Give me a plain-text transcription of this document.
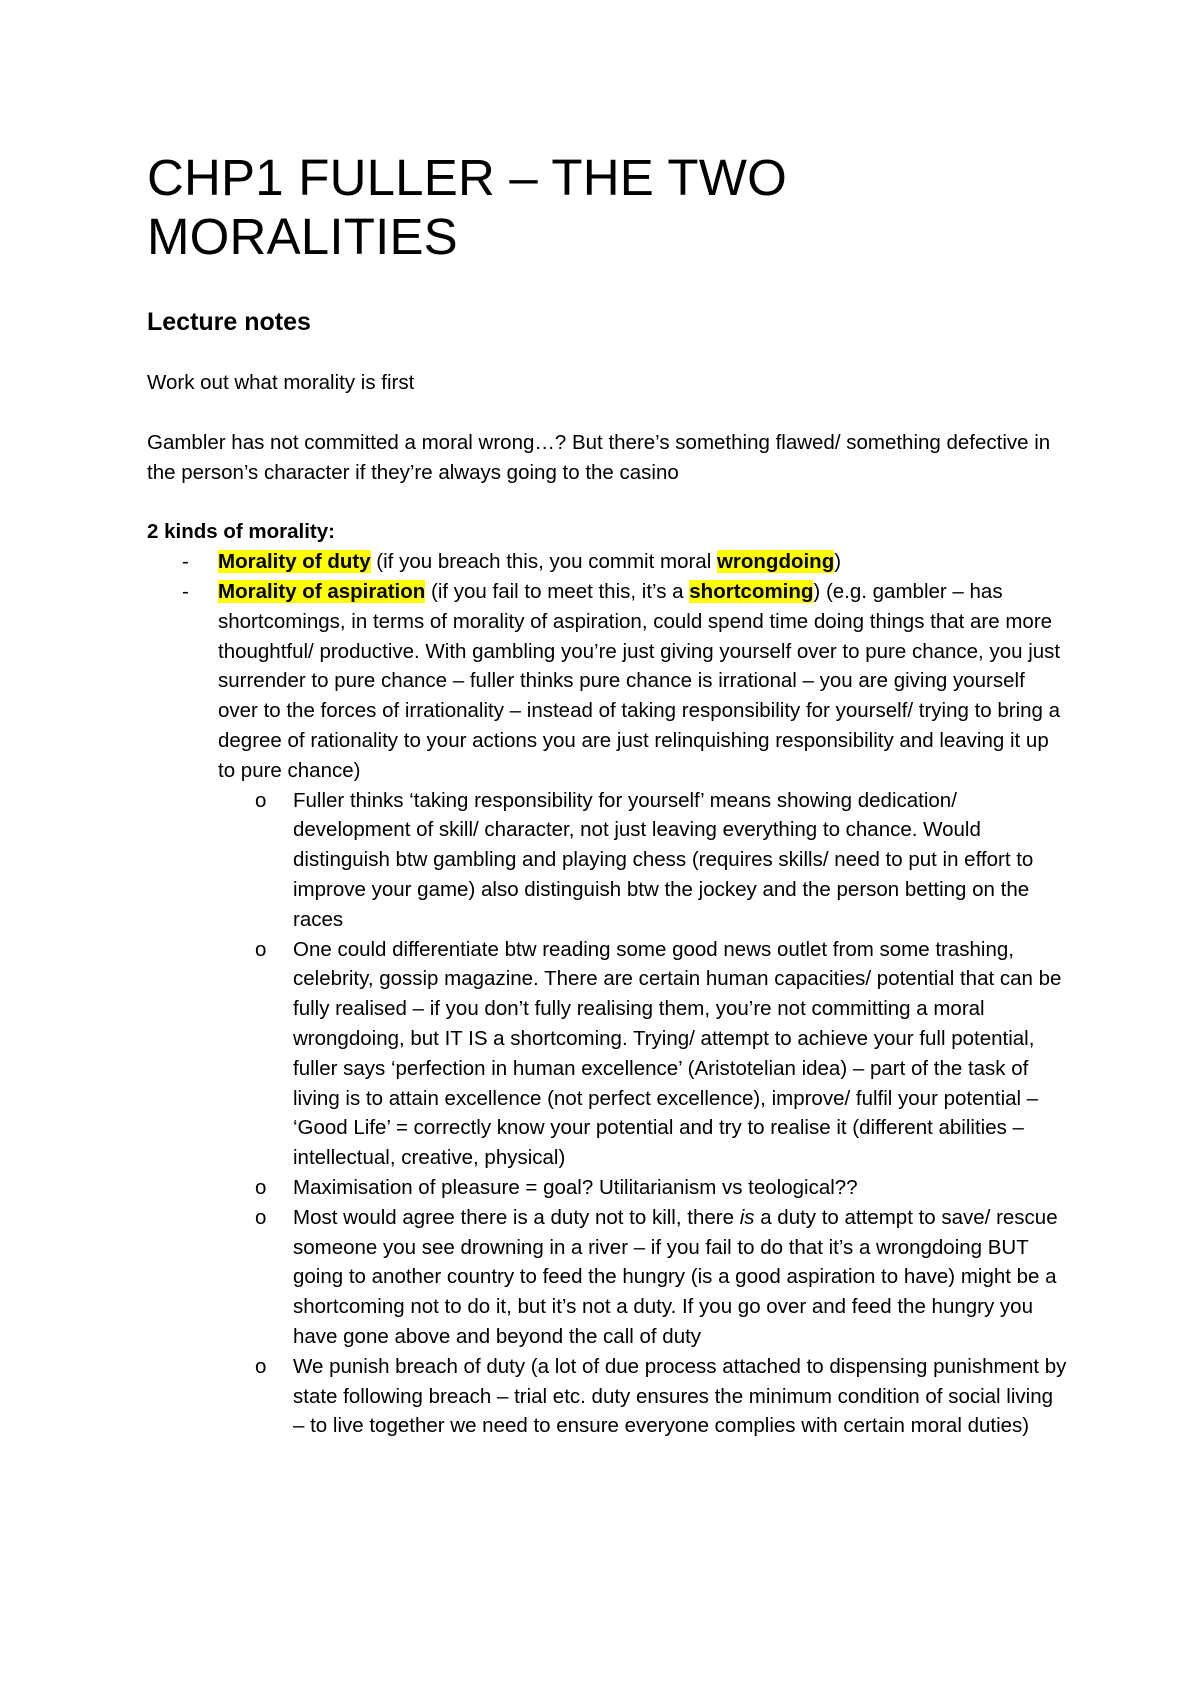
CHP1 FULLER – THE TWO MORALITIES
Lecture notes

Work out what morality is first

Gambler has not committed a moral wrong…? But there’s something flawed/ something defective in the person’s character if they’re always going to the casino

2 kinds of morality:
- Morality of duty (if you breach this, you commit moral wrongdoing)
- Morality of aspiration (if you fail to meet this, it’s a shortcoming) (e.g. gambler – has shortcomings, in terms of morality of aspiration, could spend time doing things that are more thoughtful/ productive. With gambling you’re just giving yourself over to pure chance, you just surrender to pure chance – fuller thinks pure chance is irrational – you are giving yourself over to the forces of irrationality – instead of taking responsibility for yourself/ trying to bring a degree of rationality to your actions you are just relinquishing responsibility and leaving it up to pure chance)
o Fuller thinks ‘taking responsibility for yourself’ means showing dedication/ development of skill/ character, not just leaving everything to chance. Would distinguish btw gambling and playing chess (requires skills/ need to put in effort to improve your game) also distinguish btw the jockey and the person betting on the races
o One could differentiate btw reading some good news outlet from some trashing, celebrity, gossip magazine. There are certain human capacities/ potential that can be fully realised – if you don’t fully realising them, you’re not committing a moral wrongdoing, but IT IS a shortcoming. Trying/ attempt to achieve your full potential, fuller says ‘perfection in human excellence’ (Aristotelian idea) – part of the task of living is to attain excellence (not perfect excellence), improve/ fulfil your potential – ‘Good Life’ = correctly know your potential and try to realise it (different abilities – intellectual, creative, physical)
o Maximisation of pleasure = goal? Utilitarianism vs teological??
o Most would agree there is a duty not to kill, there is a duty to attempt to save/ rescue someone you see drowning in a river – if you fail to do that it’s a wrongdoing BUT going to another country to feed the hungry (is a good aspiration to have) might be a shortcoming not to do it, but it’s not a duty. If you go over and feed the hungry you have gone above and beyond the call of duty
o We punish breach of duty (a lot of due process attached to dispensing punishment by state following breach – trial etc. duty ensures the minimum condition of social living – to live together we need to ensure everyone complies with certain moral duties)
